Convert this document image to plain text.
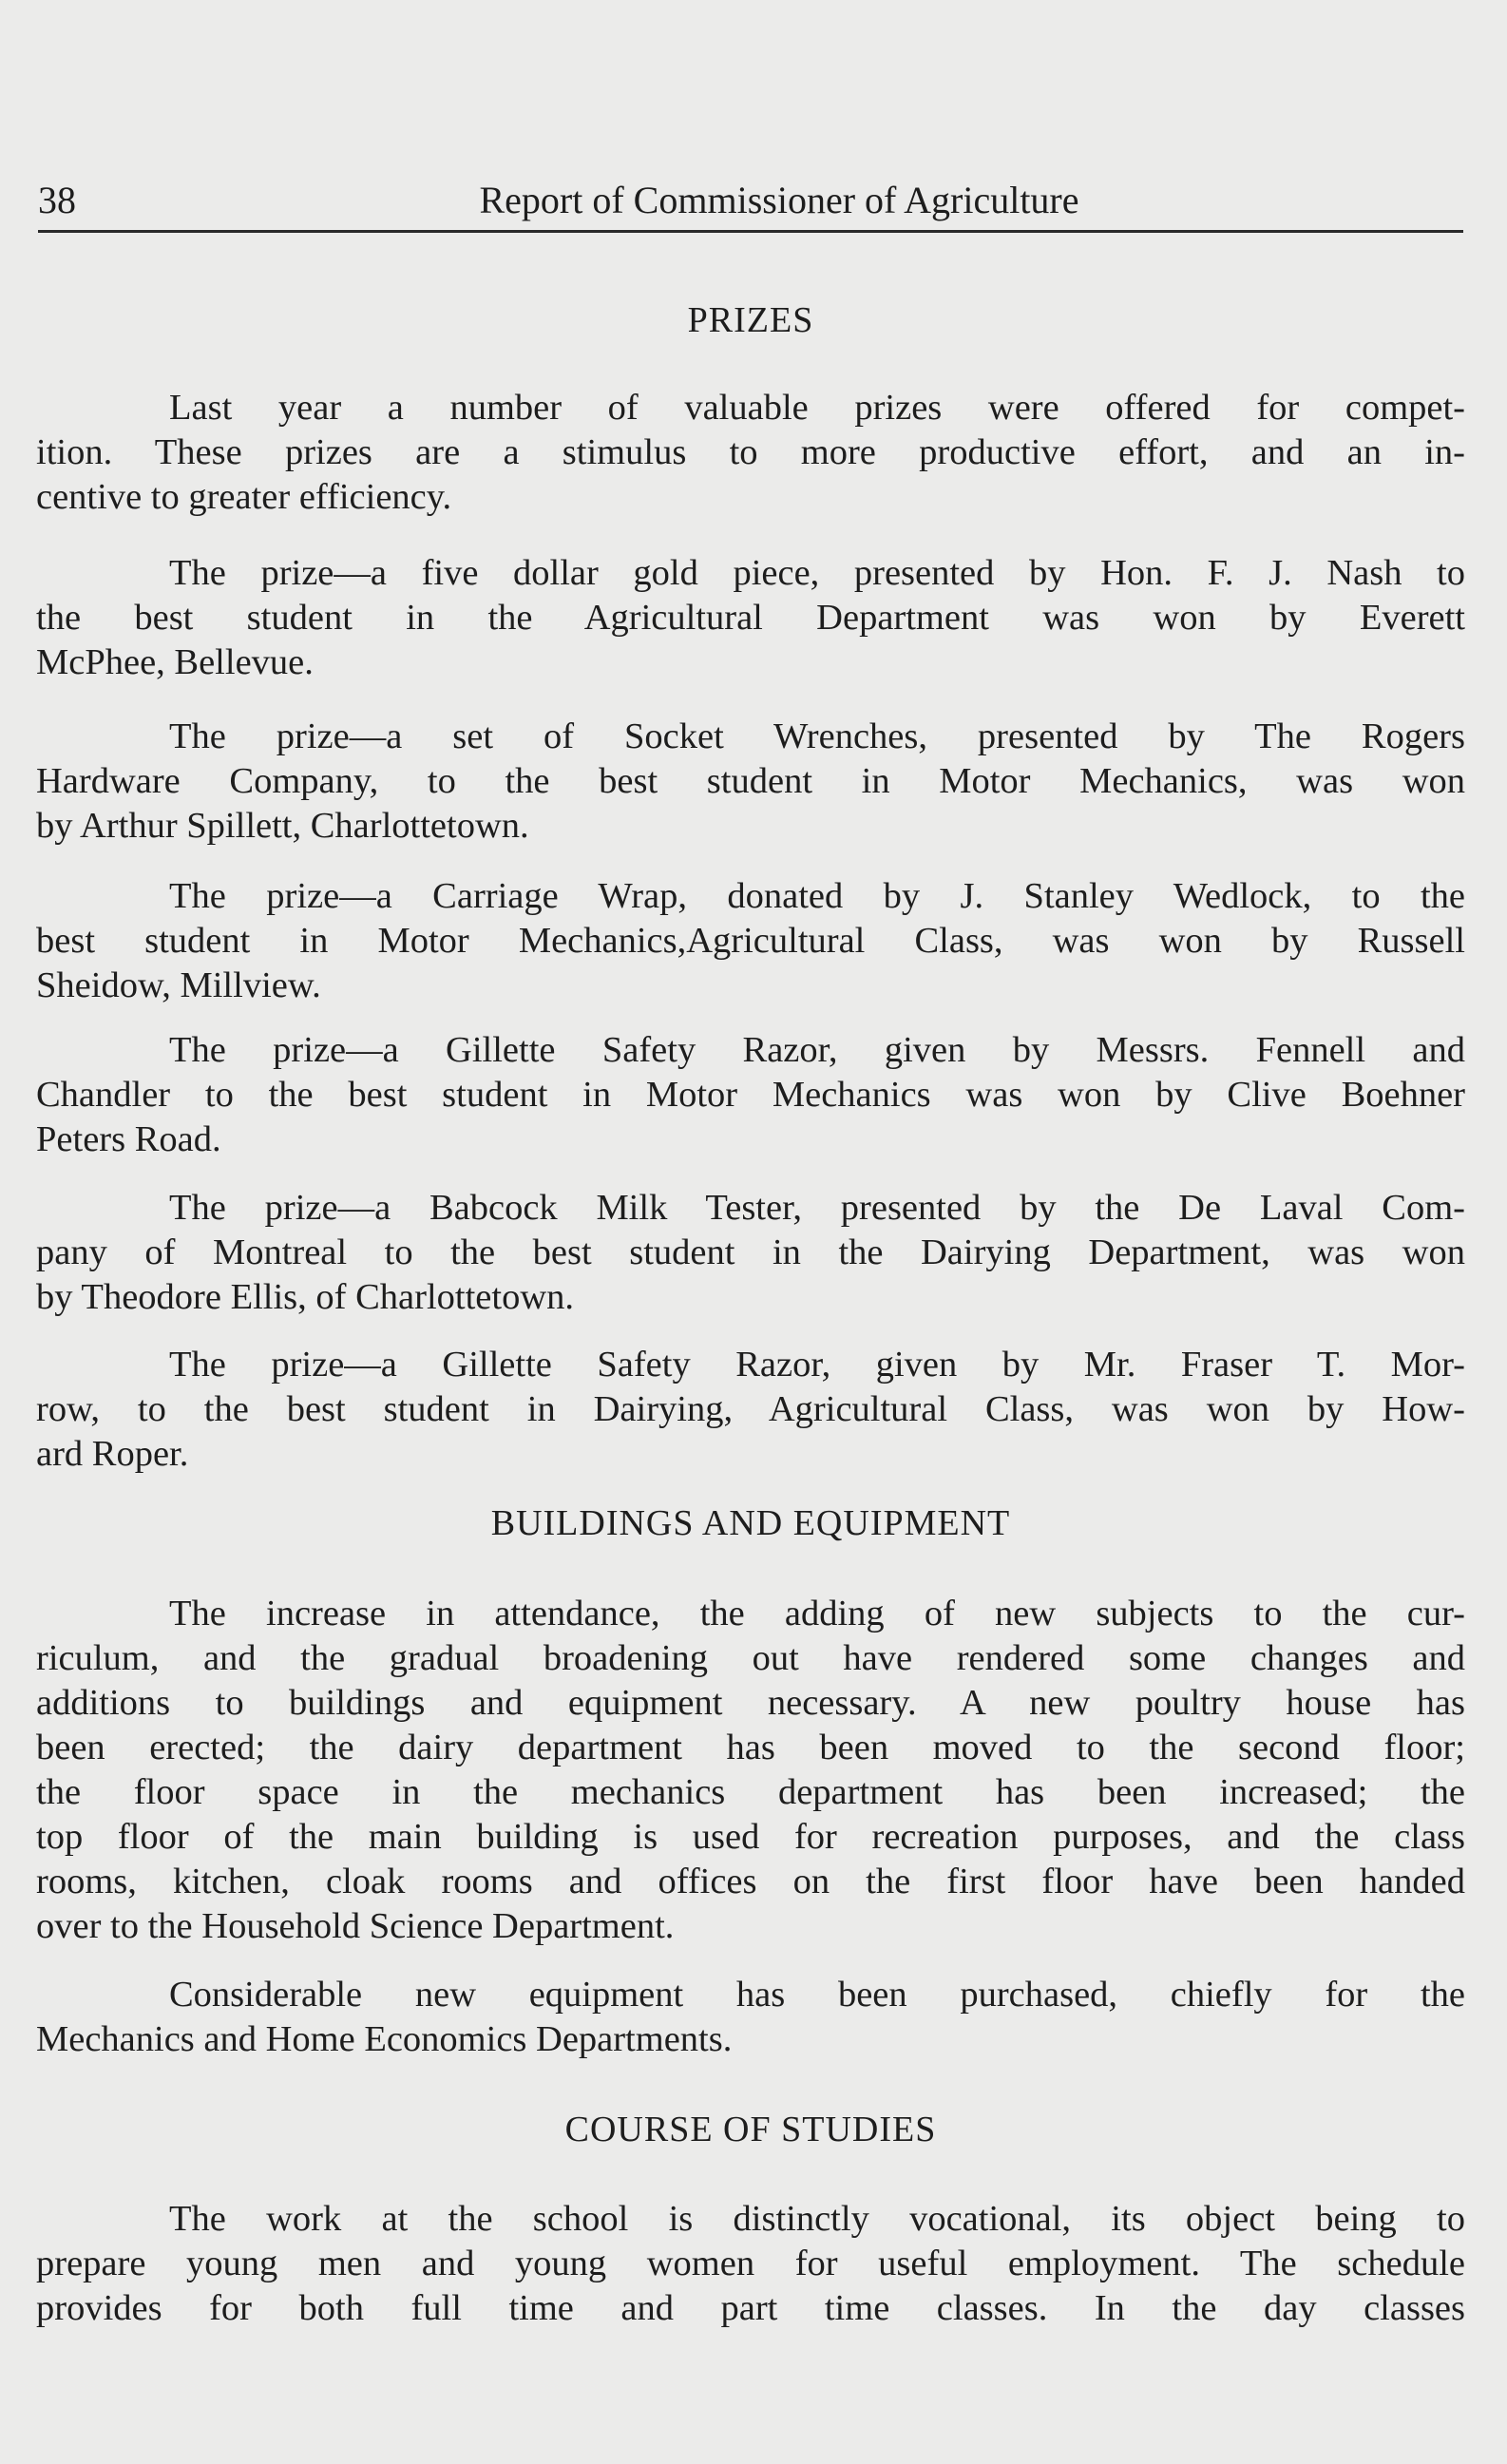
38	Report of Commissioner of Agriculture
PRIZES
Last year a number of valuable prizes were offered for compet-
ition. These prizes are a stimulus to more productive effort, and an in-
centive to greater efficiency.
The prize—a five dollar gold piece, presented by Hon. F. J. Nash to
the best student in the Agricultural Department was won by Everett
McPhee, Bellevue.
The prize—a set of Socket Wrenches, presented by The Rogers
Hardware Company, to the best student in Motor Mechanics, was won
by Arthur Spillett, Charlottetown.
The prize—a Carriage Wrap, donated by J. Stanley Wedlock, to the
best student in Motor Mechanics,Agricultural Class, was won by Russell
Sheidow, Millview.
The prize—a Gillette Safety Razor, given by Messrs. Fennell and
Chandler to the best student in Motor Mechanics was won by Clive Boehner
Peters Road.
The prize—a Babcock Milk Tester, presented by the De Laval Com-
pany of Montreal to the best student in the Dairying Department, was won
by Theodore Ellis, of Charlottetown.
The prize—a Gillette Safety Razor, given by Mr. Fraser T. Mor-
row, to the best student in Dairying, Agricultural Class, was won by How-
ard Roper.
BUILDINGS AND EQUIPMENT
The increase in attendance, the adding of new subjects to the cur-
riculum, and the gradual broadening out have rendered some changes and
additions to buildings and equipment necessary. A new poultry house has
been erected; the dairy department has been moved to the second floor;
the floor space in the mechanics department has been increased; the
top floor of the main building is used for recreation purposes, and the class
rooms, kitchen, cloak rooms and offices on the first floor have been handed
over to the Household Science Department.
Considerable new equipment has been purchased, chiefly for the
Mechanics and Home Economics Departments.
COURSE OF STUDIES
The work at the school is distinctly vocational, its object being to
prepare young men and young women for useful employment. The schedule
provides for both full time and part time classes. In the day classes
